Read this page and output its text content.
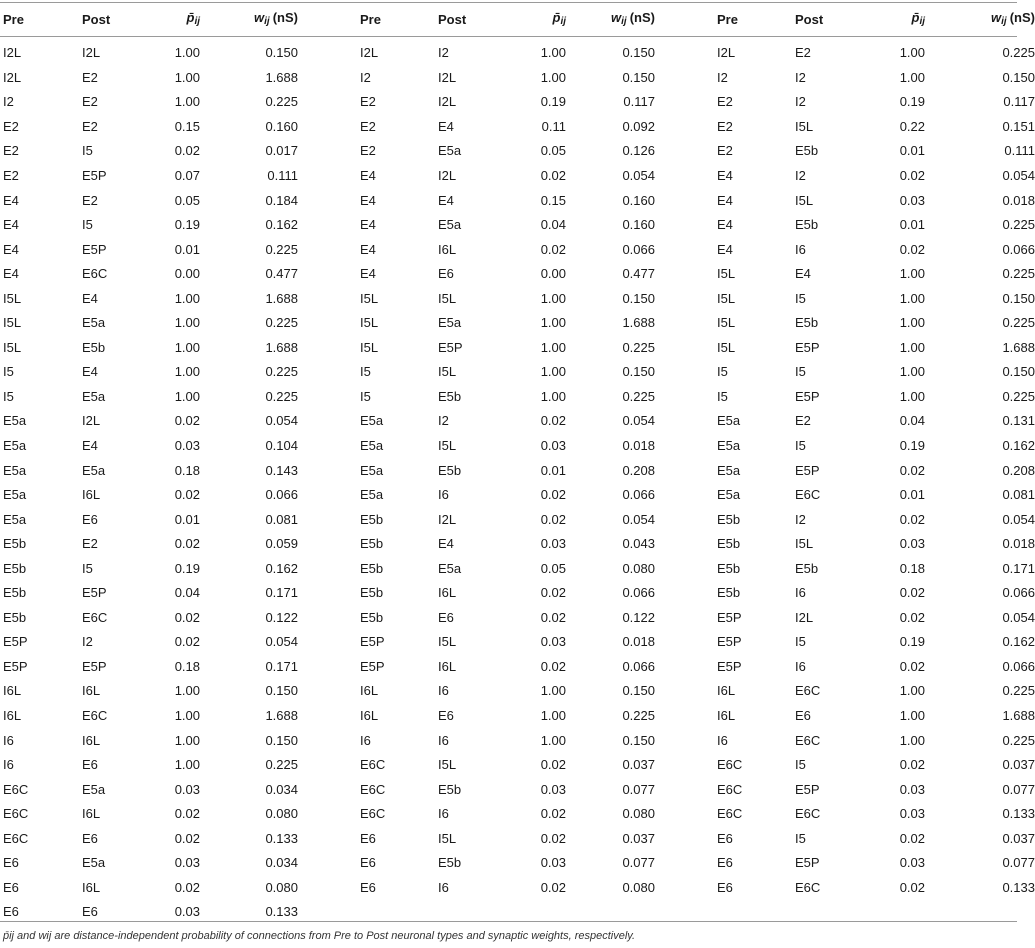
Pre	Post	$p̄_{ij}$	$w_{ij}$ (nS)		Pre	Post	$p̄_{ij}$	$w_{ij}$ (nS)		Pre	Post	$p̄_{ij}$	$w_{ij}$ (nS)
I2L	I2L	1.00	0.150		I2L	I2	1.00	0.150		I2L	E2	1.00	0.225
I2L	E2	1.00	1.688		I2	I2L	1.00	0.150		I2	I2	1.00	0.150
I2	E2	1.00	0.225		E2	I2L	0.19	0.117		E2	I2	0.19	0.117
E2	E2	0.15	0.160		E2	E4	0.11	0.092		E2	I5L	0.22	0.151
E2	I5	0.02	0.017		E2	E5a	0.05	0.126		E2	E5b	0.01	0.111
E2	E5P	0.07	0.111		E4	I2L	0.02	0.054		E4	I2	0.02	0.054
E4	E2	0.05	0.184		E4	E4	0.15	0.160		E4	I5L	0.03	0.018
E4	I5	0.19	0.162		E4	E5a	0.04	0.160		E4	E5b	0.01	0.225
E4	E5P	0.01	0.225		E4	I6L	0.02	0.066		E4	I6	0.02	0.066
E4	E6C	0.00	0.477		E4	E6	0.00	0.477		I5L	E4	1.00	0.225
I5L	E4	1.00	1.688		I5L	I5L	1.00	0.150		I5L	I5	1.00	0.150
I5L	E5a	1.00	0.225		I5L	E5a	1.00	1.688		I5L	E5b	1.00	0.225
I5L	E5b	1.00	1.688		I5L	E5P	1.00	0.225		I5L	E5P	1.00	1.688
I5	E4	1.00	0.225		I5	I5L	1.00	0.150		I5	I5	1.00	0.150
I5	E5a	1.00	0.225		I5	E5b	1.00	0.225		I5	E5P	1.00	0.225
E5a	I2L	0.02	0.054		E5a	I2	0.02	0.054		E5a	E2	0.04	0.131
E5a	E4	0.03	0.104		E5a	I5L	0.03	0.018		E5a	I5	0.19	0.162
E5a	E5a	0.18	0.143		E5a	E5b	0.01	0.208		E5a	E5P	0.02	0.208
E5a	I6L	0.02	0.066		E5a	I6	0.02	0.066		E5a	E6C	0.01	0.081
E5a	E6	0.01	0.081		E5b	I2L	0.02	0.054		E5b	I2	0.02	0.054
E5b	E2	0.02	0.059		E5b	E4	0.03	0.043		E5b	I5L	0.03	0.018
E5b	I5	0.19	0.162		E5b	E5a	0.05	0.080		E5b	E5b	0.18	0.171
E5b	E5P	0.04	0.171		E5b	I6L	0.02	0.066		E5b	I6	0.02	0.066
E5b	E6C	0.02	0.122		E5b	E6	0.02	0.122		E5P	I2L	0.02	0.054
E5P	I2	0.02	0.054		E5P	I5L	0.03	0.018		E5P	I5	0.19	0.162
E5P	E5P	0.18	0.171		E5P	I6L	0.02	0.066		E5P	I6	0.02	0.066
I6L	I6L	1.00	0.150		I6L	I6	1.00	0.150		I6L	E6C	1.00	0.225
I6L	E6C	1.00	1.688		I6L	E6	1.00	0.225		I6L	E6	1.00	1.688
I6	I6L	1.00	0.150		I6	I6	1.00	0.150		I6	E6C	1.00	0.225
I6	E6	1.00	0.225		E6C	I5L	0.02	0.037		E6C	I5	0.02	0.037
E6C	E5a	0.03	0.034		E6C	E5b	0.03	0.077		E6C	E5P	0.03	0.077
E6C	I6L	0.02	0.080		E6C	I6	0.02	0.080		E6C	E6C	0.03	0.133
E6C	E6	0.02	0.133		E6	I5L	0.02	0.037		E6	I5	0.02	0.037
E6	E5a	0.03	0.034		E6	E5b	0.03	0.077		E6	E5P	0.03	0.077
E6	I6L	0.02	0.080		E6	I6	0.02	0.080		E6	E6C	0.02	0.133
E6	E6	0.03	0.133										
p̄ij and wij are distance-independent probability of connections from Pre to Post neuronal types and synaptic weights, respectively.
